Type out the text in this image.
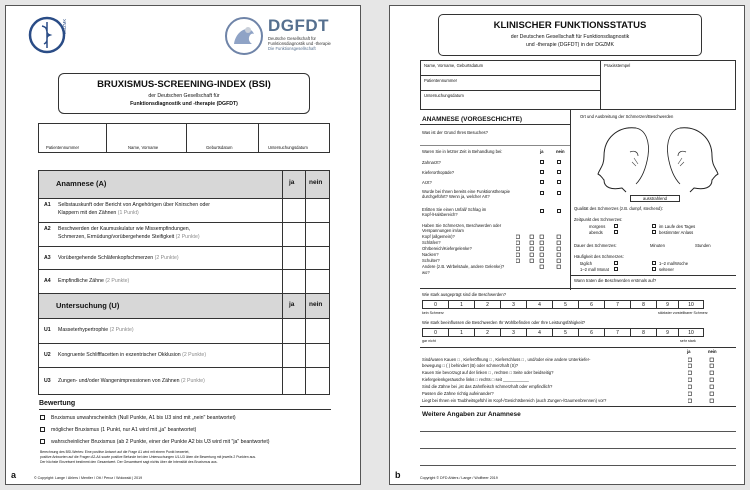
DGZMK	DGFDT
Deutsche Gesellschaft für
Funktionsdiagnostik und -therapie
Die Funktionsgesellschaft
BRUXISMUS-SCREENING-INDEX (BSI)
der Deutschen Gesellschaft für
Funktionsdiagnostik und -therapie (DGFDT)
Patientennummer	Name, Vorname	Geburtsdatum	Untersuchungsdatum
Anamnese (A)	ja nein
A1 Selbstauskunft oder Bericht von Angehörigen über Knirschen oder
Klappern mit den Zähnen (1 Punkt)
A2 Beschwerden der Kaumuskulatur wie Missempfindungen,
Schmerzen, Ermüdung/vorübergehende Steifigkeit (2 Punkte)
A3 Vorübergehende Schläfenkopfschmerzen (2 Punkte)
A4 Empfindliche Zähne (2 Punkte)
Untersuchung (U)	ja nein
U1 Masseterhypertrophie (2 Punkte)
U2 Kongruente Schlifffacetten in exzentrischer Okklusion (2 Punkte)
U3 Zungen- und/oder Wangenimpressionen von Zähnen (2 Punkte)
Bewertung
Bruxismus unwahrscheinlich (Null Punkte, A1 bis U3 sind mit „nein" beantwortet)
möglicher Bruxismus (1 Punkt, nur A1 wird mit „ja" beantwortet)
wahrscheinlicher Bruxismus (ab 2 Punkte, einer der Punkte A2 bis U3 wird mit "ja" beantwortet)
Berechnung des BSI-Wertes: Eine positive Antwort auf die Frage A1 wird mit einem Punkt bewertet,
positive Antworten auf die Fragen A2-A4 sowie positive Befunde bei den Untersuchungen U1-U3 üben die Bewertung mit jeweils 2 Punkten aus.
Der höchste Einzelwert bestimmt den Gesamtwert. Der Gesamtwert sagt nichts über die Intensität des Bruxismus aus.
a	© Copyright: Lange / Ahlers / Mentler / Ott / Peroz / Wolowski | 2019
KLINISCHER FUNKTIONSSTATUS
der Deutschen Gesellschaft für Funktionsdiagnostik
und -therapie (DGFDT) in der DGZMK
Name, Vorname, Geburtsdatum
Patientennummer
Untersuchungsdatum
Praxisstempel
ANAMNESE (VORGESCHICHTE)	Ort und Ausbreitung der Schmerzen/Beschwerden
ausstrahlend
Was ist der Grund Ihres Besuches?
Waren Sie in letzter Zeit in Behandlung bei:	ja	nein
Zahnarzt?
Kieferorthopäde?
Arzt?
Wurde bei Ihnen bereits eine Funktionstherapie
durchgeführt? Wenn ja, welcher Art?
Erlitten Sie einen Unfall/ Schlag im
Kopf-/Halsbereich?
Haben Sie Schmerzen, Beschwerden oder
Verspannungen im/am
Kopf (allgemein)?
Schläfen?
Ohrbereich/Kiefergelenke?
Nacken?
Schulter?
Andere (z.B. Wirbelsäule, andere Gelenke)?
wo?
Qualität des Schmerzes (z.B. dumpf, stechend):
Zeitpunkt des Schmerzes:
morgens
abends
im Laufe des Tages
bestimmter Anlass
Dauer des Schmerzes:	Minuten	Stunden
Häufigkeit des Schmerzes:
täglich
1–2 mal/ Monat
1–2 mal/Woche
seltener
Wann traten die Beschwerden erstmals auf?
Wie stark ausgeprägt sind die Beschwerden?
0	1	2	3	4	5	6	7	8	9	10
kein Schmerz	stärkster vorstellbarer Schmerz
Wie stark beeinflussen die Beschwerden Ihr Wohlbefinden oder Ihre Leistungsfähigkeit?
0	1	2	3	4	5	6	7	8	9	10
gar nicht	sehr stark
ja	nein
Sind/waren Kauen □ , Kieferöffnung □ , Kieferschluss □ , und/oder eine andere Unterkiefer-
bewegung □ ( ) behindert (B) oder schmerzhaft (S)?
Kauen Sie bevorzugt auf der linken □ , rechten □ Seite oder beidseitig?
Kiefergelenkgeräusche links □ rechts □ seit ___________
Sind die Zähne bei „ist das Zahnfleisch schmerzhaft oder empfindlich?
Passen die Zähne richtig aufeinander?
Liegt bei Ihnen ein Taubheitsgefühl im Kopf-/Gesichtsbereich (auch Zungen-/Gaumenbrennen) vor?
Weitere Angaben zur Anamnese
b	Copyright © DFD Ahlers / Lange / Wolfbeer 2019
